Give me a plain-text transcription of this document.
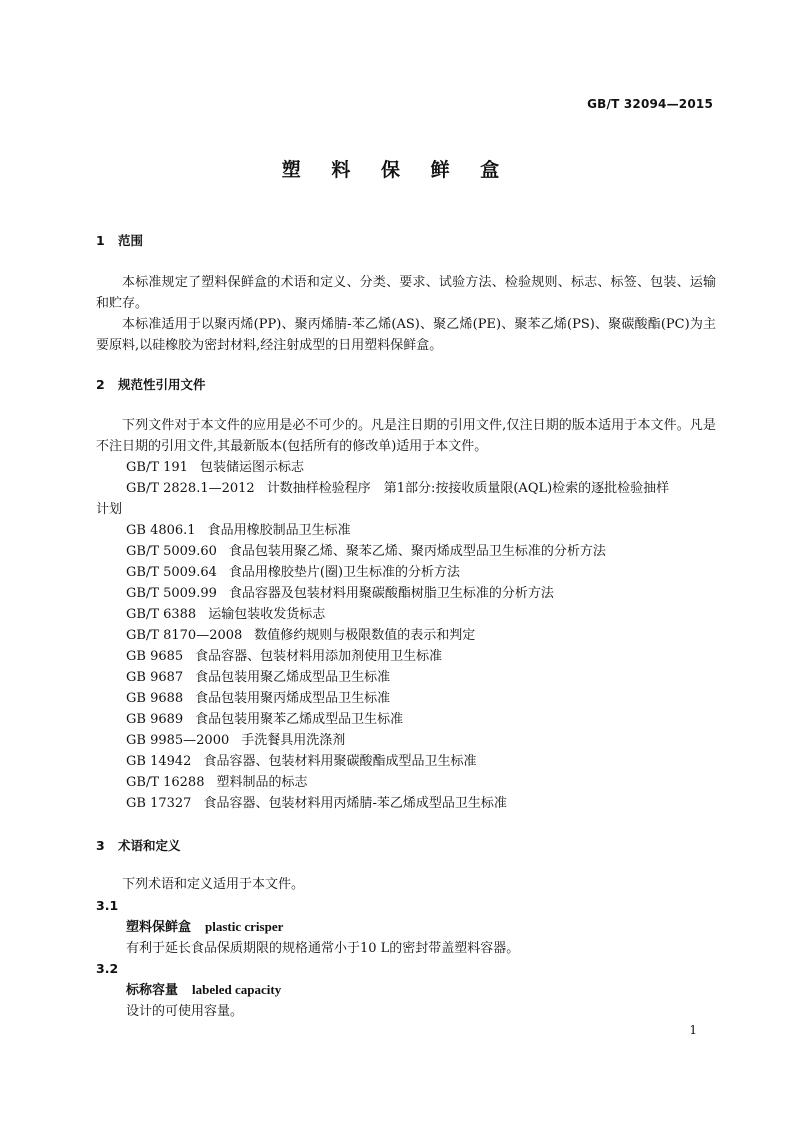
GB/T 32094—2015
塑 料 保 鲜 盒
1 范围
本标准规定了塑料保鲜盒的术语和定义、分类、要求、试验方法、检验规则、标志、标签、包装、运输和贮存。
本标准适用于以聚丙烯(PP)、聚丙烯腈-苯乙烯(AS)、聚乙烯(PE)、聚苯乙烯(PS)、聚碳酸酯(PC)为主要原料,以硅橡胶为密封材料,经注射成型的日用塑料保鲜盒。
2 规范性引用文件
下列文件对于本文件的应用是必不可少的。凡是注日期的引用文件,仅注日期的版本适用于本文件。凡是不注日期的引用文件,其最新版本(包括所有的修改单)适用于本文件。
GB/T 191 包装储运图示标志
GB/T 2828.1—2012 计数抽样检验程序　第1部分:按接收质量限(AQL)检索的逐批检验抽样
计划
GB 4806.1 食品用橡胶制品卫生标准
GB/T 5009.60 食品包装用聚乙烯、聚苯乙烯、聚丙烯成型品卫生标准的分析方法
GB/T 5009.64 食品用橡胶垫片(圈)卫生标准的分析方法
GB/T 5009.99 食品容器及包装材料用聚碳酸酯树脂卫生标准的分析方法
GB/T 6388 运输包装收发货标志
GB/T 8170—2008 数值修约规则与极限数值的表示和判定
GB 9685 食品容器、包装材料用添加剂使用卫生标准
GB 9687 食品包装用聚乙烯成型品卫生标准
GB 9688 食品包装用聚丙烯成型品卫生标准
GB 9689 食品包装用聚苯乙烯成型品卫生标准
GB 9985—2000 手洗餐具用洗涤剂
GB 14942 食品容器、包装材料用聚碳酸酯成型品卫生标准
GB/T 16288 塑料制品的标志
GB 17327 食品容器、包装材料用丙烯腈-苯乙烯成型品卫生标准
3 术语和定义
下列术语和定义适用于本文件。
3.1
塑料保鲜盒 plastic crisper
有利于延长食品保质期限的规格通常小于10 L的密封带盖塑料容器。
3.2
标称容量 labeled capacity
设计的可使用容量。
1
